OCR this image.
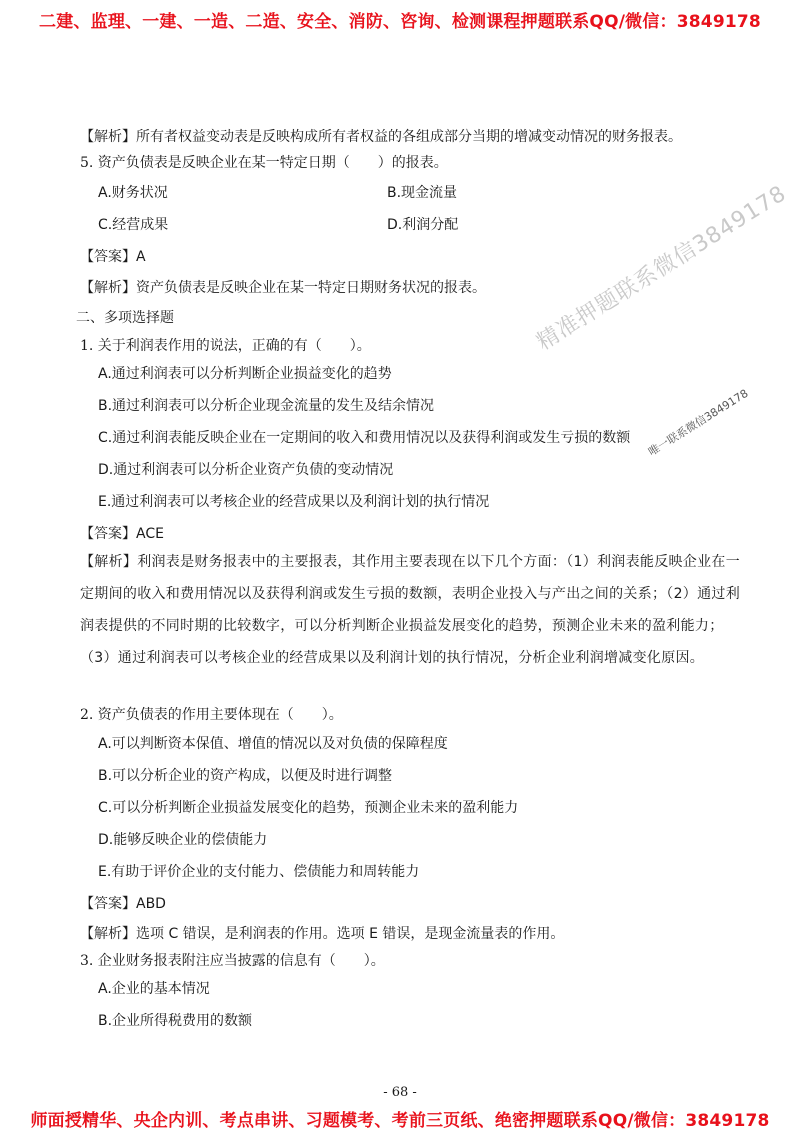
二建、监理、一建、一造、二造、安全、消防、咨询、检测课程押题联系QQ/微信：3849178
精准押题联系微信3849178
唯一联系微信3849178
【解析】所有者权益变动表是反映构成所有者权益的各组成部分当期的增减变动情况的财务报表。
5. 资产负债表是反映企业在某一特定日期（　　）的报表。
A.财务状况	B.现金流量
C.经营成果	D.利润分配
【答案】A
【解析】资产负债表是反映企业在某一特定日期财务状况的报表。
二、多项选择题
1. 关于利润表作用的说法，正确的有（　　）。
A.通过利润表可以分析判断企业损益变化的趋势
B.通过利润表可以分析企业现金流量的发生及结余情况
C.通过利润表能反映企业在一定期间的收入和费用情况以及获得利润或发生亏损的数额
D.通过利润表可以分析企业资产负债的变动情况
E.通过利润表可以考核企业的经营成果以及利润计划的执行情况
【答案】ACE
【解析】利润表是财务报表中的主要报表，其作用主要表现在以下几个方面：（1）利润表能反映企业在一定期间的收入和费用情况以及获得利润或发生亏损的数额，表明企业投入与产出之间的关系；（2）通过利润表提供的不同时期的比较数字，可以分析判断企业损益发展变化的趋势，预测企业未来的盈利能力；（3）通过利润表可以考核企业的经营成果以及利润计划的执行情况，分析企业利润增减变化原因。
2. 资产负债表的作用主要体现在（　　）。
A.可以判断资本保值、增值的情况以及对负债的保障程度
B.可以分析企业的资产构成，以便及时进行调整
C.可以分析判断企业损益发展变化的趋势，预测企业未来的盈利能力
D.能够反映企业的偿债能力
E.有助于评价企业的支付能力、偿债能力和周转能力
【答案】ABD
【解析】选项 C 错误，是利润表的作用。选项 E 错误，是现金流量表的作用。
3. 企业财务报表附注应当披露的信息有（　　）。
A.企业的基本情况
B.企业所得税费用的数额
- 68 -
师面授精华、央企内训、考点串讲、习题模考、考前三页纸、绝密押题联系QQ/微信：3849178
